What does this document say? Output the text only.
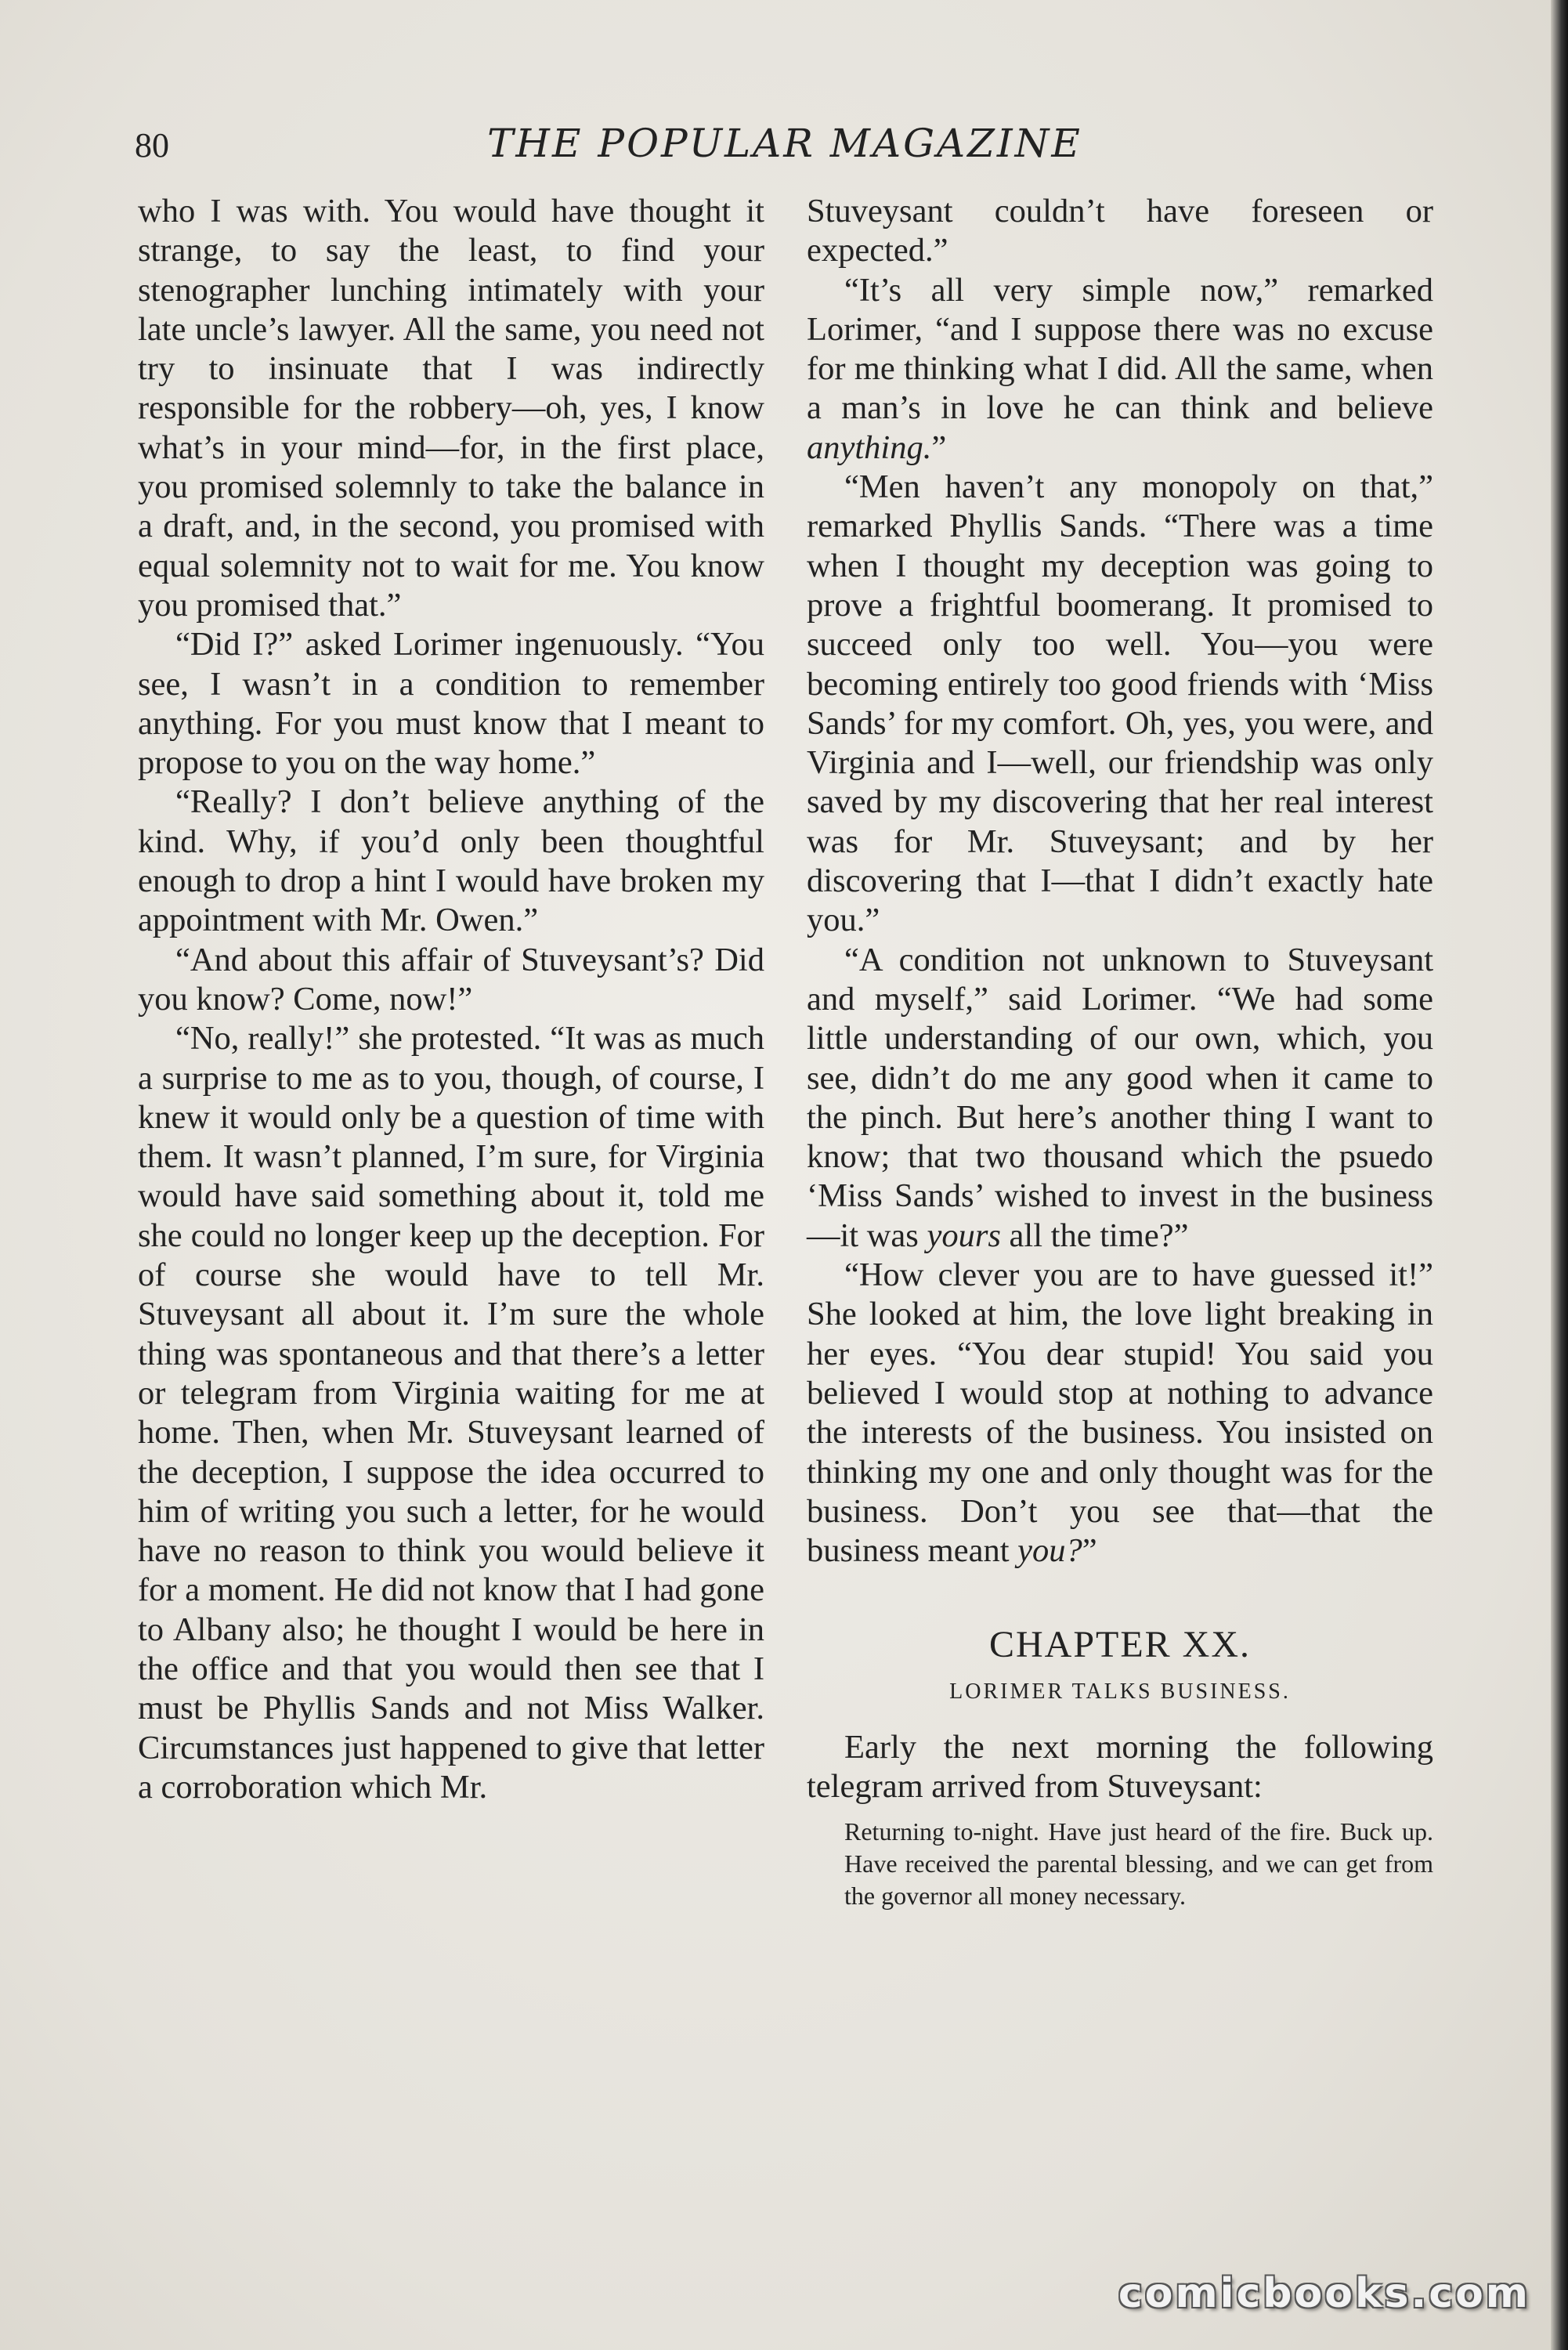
80	THE POPULAR MAGAZINE

who I was with. You would have thought it strange, to say the least, to find your stenographer lunching intimately with your late uncle’s lawyer. All the same, you need not try to insinuate that I was indirectly responsible for the robbery—oh, yes, I know what’s in your mind—for, in the first place, you promised solemnly to take the balance in a draft, and, in the second, you promised with equal solemnity not to wait for me. You know you promised that.”

“Did I?” asked Lorimer ingenuously. “You see, I wasn’t in a condition to remember anything. For you must know that I meant to propose to you on the way home.”

“Really? I don’t believe anything of the kind. Why, if you’d only been thoughtful enough to drop a hint I would have broken my appointment with Mr. Owen.”

“And about this affair of Stuveysant’s? Did you know? Come, now!”

“No, really!” she protested. “It was as much a surprise to me as to you, though, of course, I knew it would only be a question of time with them. It wasn’t planned, I’m sure, for Virginia would have said something about it, told me she could no longer keep up the deception. For of course she would have to tell Mr. Stuveysant all about it. I’m sure the whole thing was spontaneous and that there’s a letter or telegram from Virginia waiting for me at home. Then, when Mr. Stuveysant learned of the deception, I suppose the idea occurred to him of writing you such a letter, for he would have no reason to think you would believe it for a moment. He did not know that I had gone to Albany also; he thought I would be here in the office and that you would then see that I must be Phyllis Sands and not Miss Walker. Circumstances just happened to give that letter a corroboration which Mr.

Stuveysant couldn’t have foreseen or expected.”

“It’s all very simple now,” remarked Lorimer, “and I suppose there was no excuse for me thinking what I did. All the same, when a man’s in love he can think and believe anything.”

“Men haven’t any monopoly on that,” remarked Phyllis Sands. “There was a time when I thought my deception was going to prove a frightful boomerang. It promised to succeed only too well. You—you were becoming entirely too good friends with ‘Miss Sands’ for my comfort. Oh, yes, you were, and Virginia and I—well, our friendship was only saved by my discovering that her real interest was for Mr. Stuveysant; and by her discovering that I—that I didn’t exactly hate you.”

“A condition not unknown to Stuveysant and myself,” said Lorimer. “We had some little understanding of our own, which, you see, didn’t do me any good when it came to the pinch. But here’s another thing I want to know; that two thousand which the psuedo ‘Miss Sands’ wished to invest in the business—it was yours all the time?”

“How clever you are to have guessed it!” She looked at him, the love light breaking in her eyes. “You dear stupid! You said you believed I would stop at nothing to advance the interests of the business. You insisted on thinking my one and only thought was for the business. Don’t you see that—that the business meant you?”

CHAPTER XX.

LORIMER TALKS BUSINESS.

Early the next morning the following telegram arrived from Stuveysant:

Returning to-night. Have just heard of the fire. Buck up. Have received the parental blessing, and we can get from the governor all money necessary.

comicbooks.com
